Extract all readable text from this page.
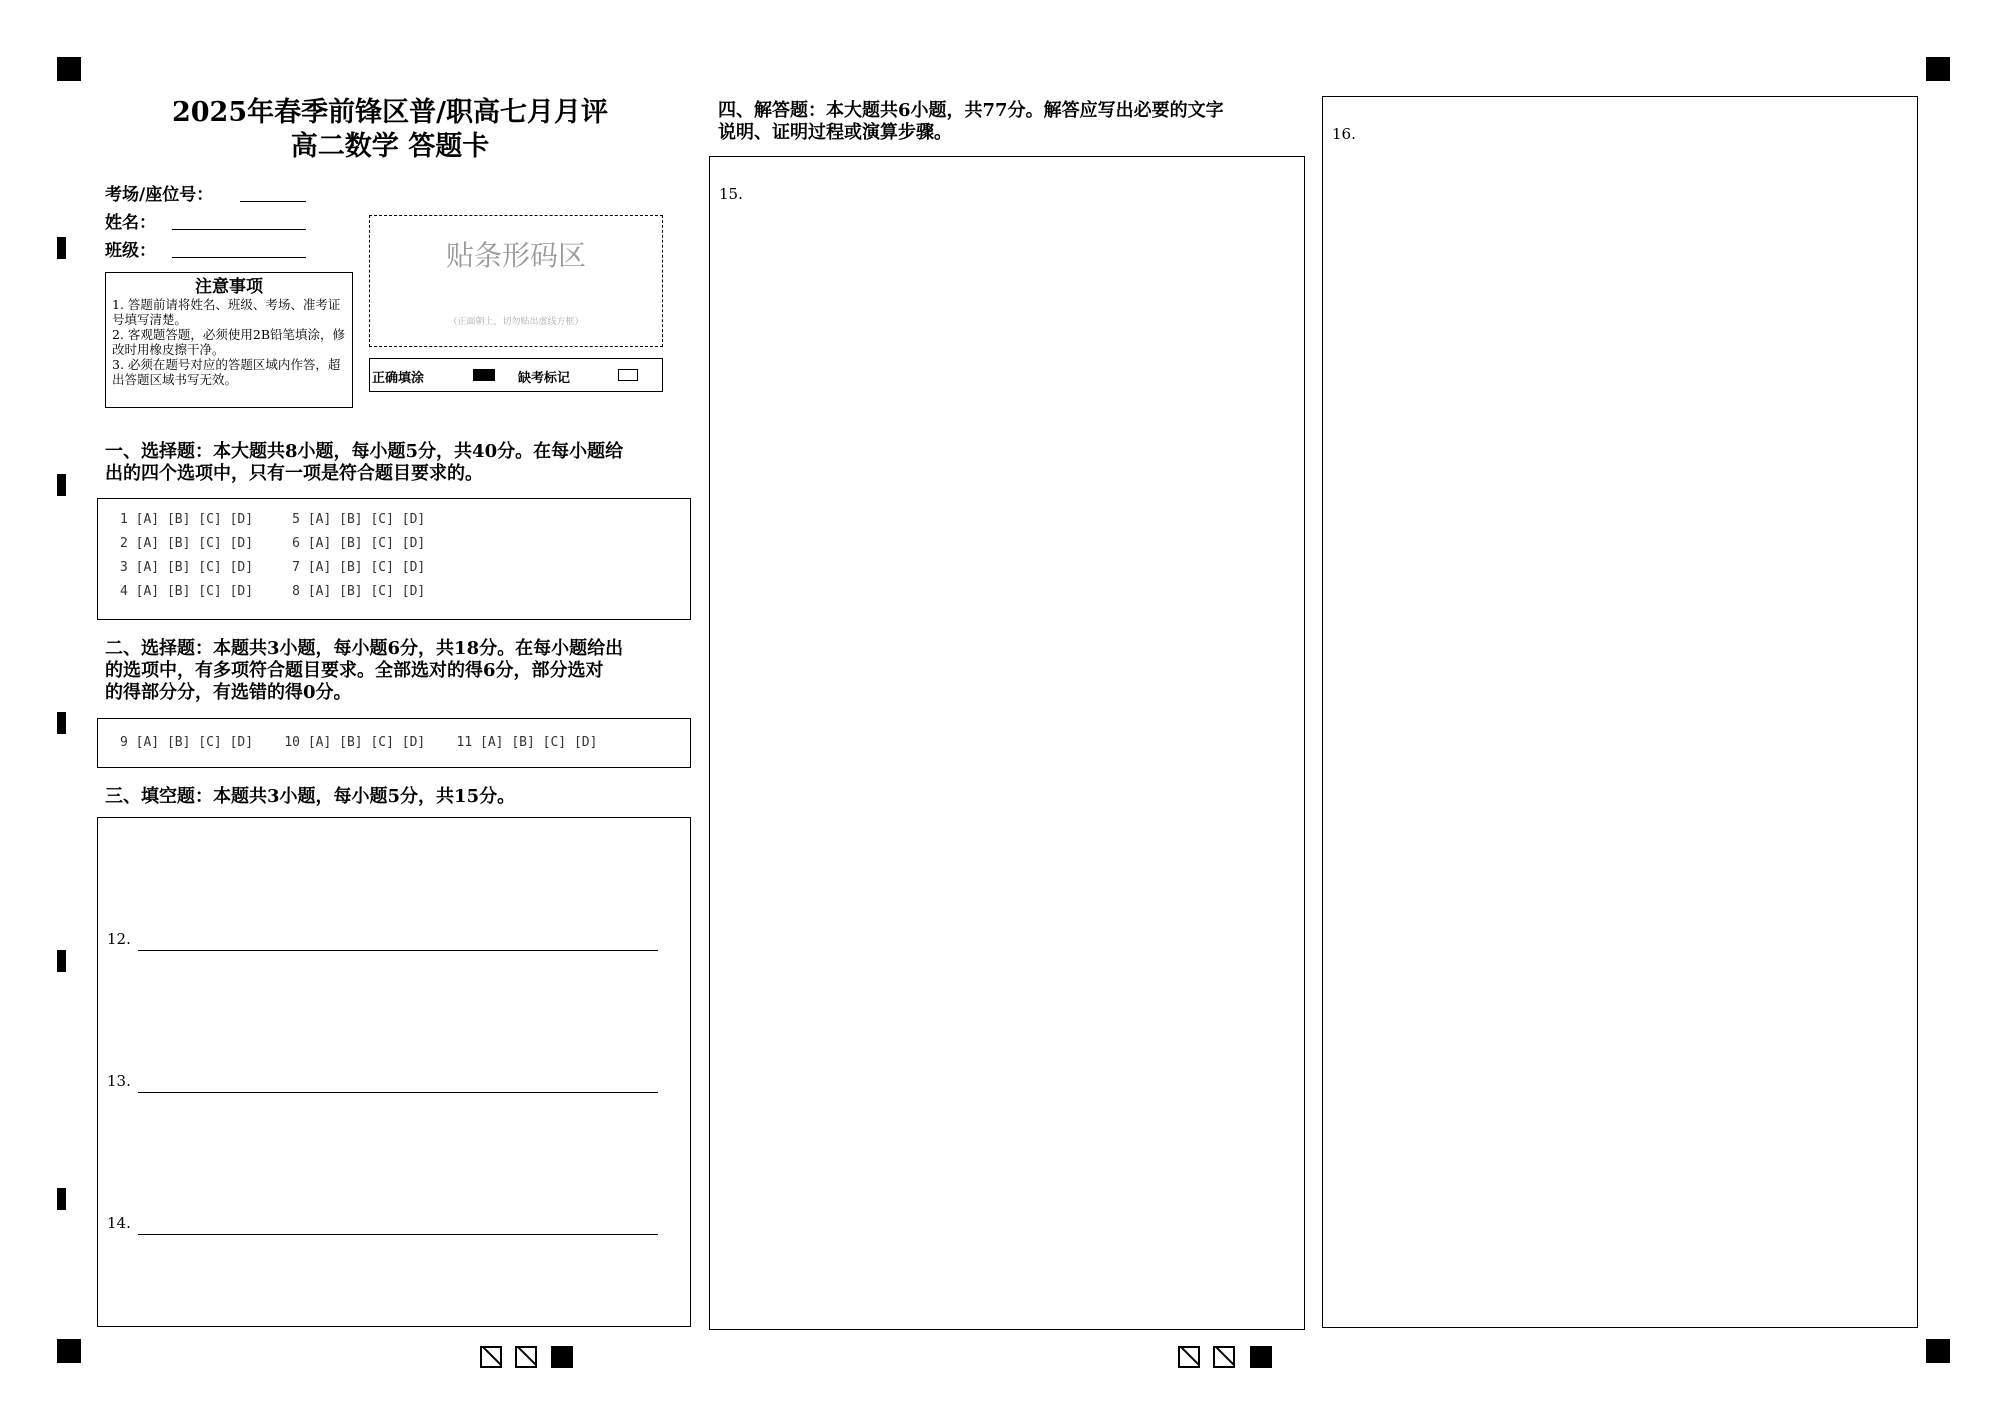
2025年春季前锋区普/职高七月月评
高二数学 答题卡
考场/座位号：
姓名：
班级：
注意事项

1. 答题前请将姓名、班级、考场、准考证号填写清楚。

2. 客观题答题，必须使用2B铅笔填涂，修改时用橡皮擦干净。

3. 必须在题号对应的答题区域内作答，超出答题区域书写无效。

贴条形码区
（正面朝上，切勿贴出虚线方框）
正确填涂	缺考标记
一、选择题：本大题共8小题，每小题5分，共40分。在每小题给
出的四个选项中，只有一项是符合题目要求的。
1 [A] [B] [C] [D]     5 [A] [B] [C] [D]
2 [A] [B] [C] [D]     6 [A] [B] [C] [D]
3 [A] [B] [C] [D]     7 [A] [B] [C] [D]
4 [A] [B] [C] [D]     8 [A] [B] [C] [D]
二、选择题：本题共3小题，每小题6分，共18分。在每小题给出
的选项中，有多项符合题目要求。全部选对的得6分，部分选对
的得部分分，有选错的得0分。
9 [A] [B] [C] [D]    10 [A] [B] [C] [D]    11 [A] [B] [C] [D]
三、填空题：本题共3小题，每小题5分，共15分。
12.
13.
14.
四、解答题：本大题共6小题，共77分。解答应写出必要的文字
说明、证明过程或演算步骤。
15.
16.
